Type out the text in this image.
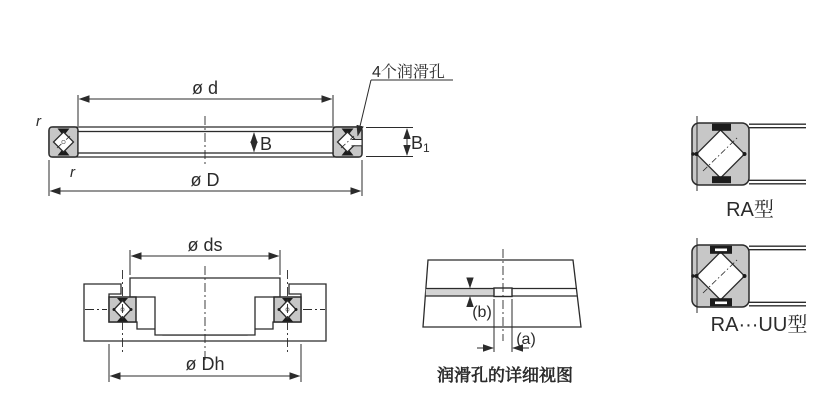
ø d
ø D
B	B1
r
r
4个润滑孔
ø ds
ø Dh
(b)
(a)
润滑孔的详细视图
RA型
RA···UU型
